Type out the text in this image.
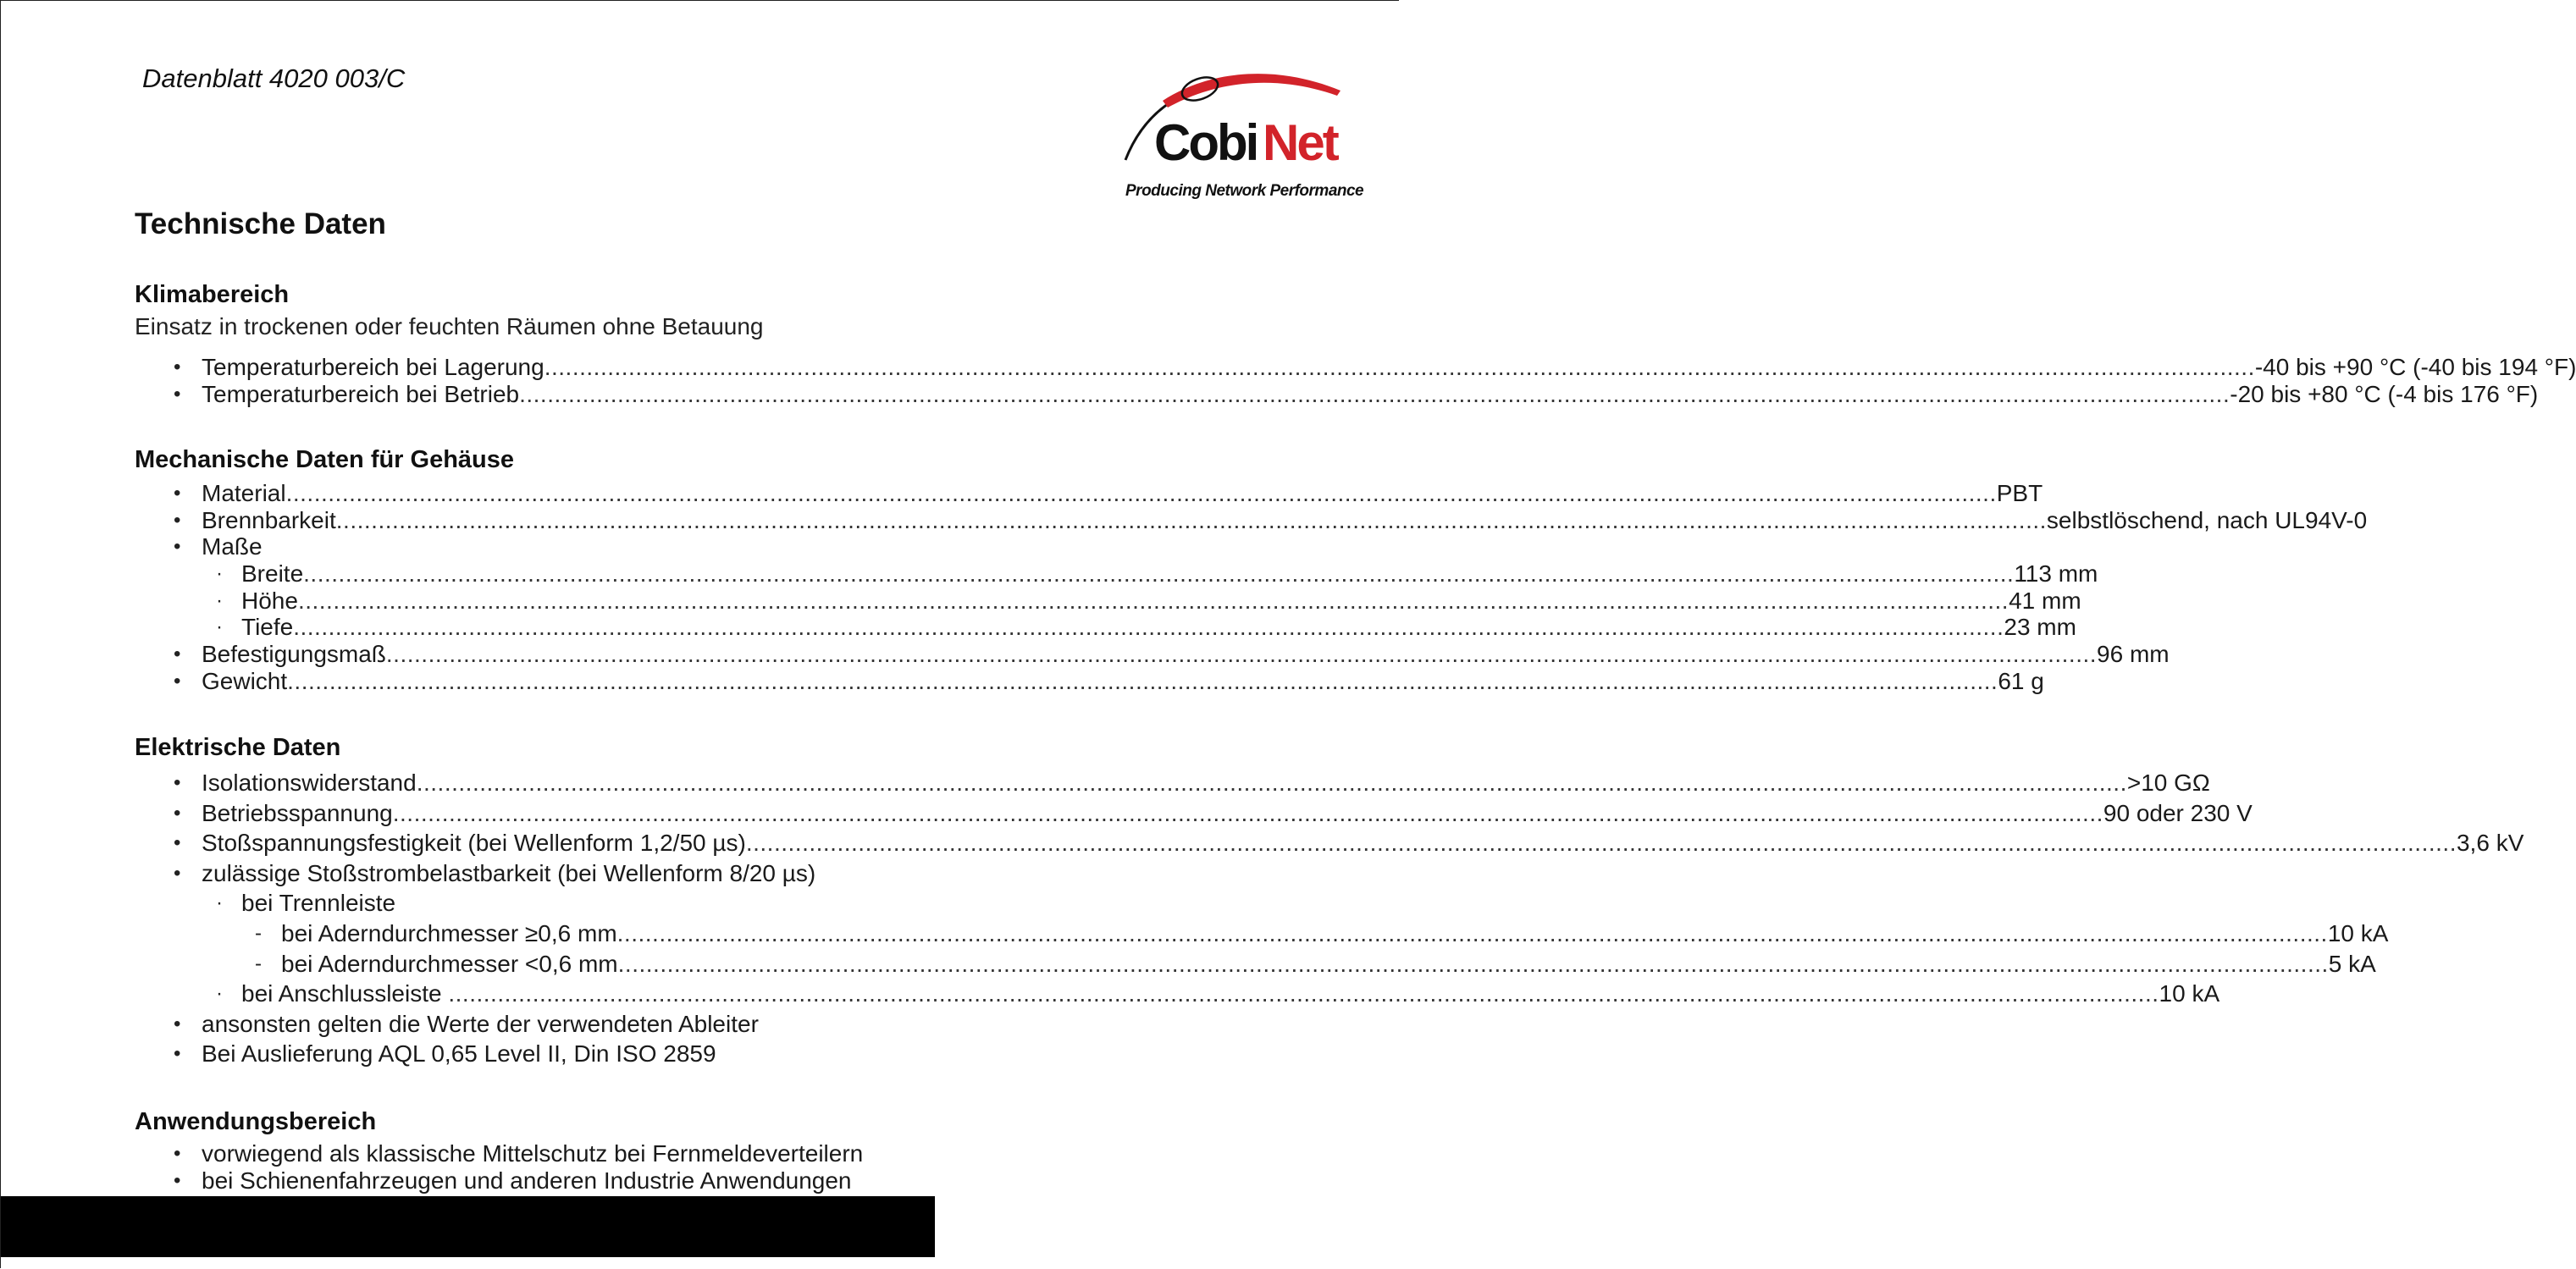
Datenblatt 4020 003/C
Cobi Net
Producing Network Performance
Technische Daten
Klimabereich
Einsatz in trockenen oder feuchten Räumen ohne Betauung
• Temperaturbereich bei Lagerung .................................................................................................................................................................................................................................................... -40 bis +90 °C (-40 bis 194 °F)
• Temperaturbereich bei Betrieb .................................................................................................................................................................................................................................................... -20 bis +80 °C (-4 bis 176 °F)
Mechanische Daten für Gehäuse
• Material .................................................................................................................................................................................................................................................... PBT
• Brennbarkeit .................................................................................................................................................................................................................................................... selbstlöschend, nach UL94V-0
• Maße
· Breite .................................................................................................................................................................................................................................................... 113 mm
· Höhe .................................................................................................................................................................................................................................................... 41 mm
· Tiefe .................................................................................................................................................................................................................................................... 23 mm
• Befestigungsmaß .................................................................................................................................................................................................................................................... 96 mm
• Gewicht .................................................................................................................................................................................................................................................... 61 g
Elektrische Daten
• Isolationswiderstand .................................................................................................................................................................................................................................................... >10 GΩ
• Betriebsspannung .................................................................................................................................................................................................................................................... 90 oder 230 V
• Stoßspannungsfestigkeit (bei Wellenform 1,2/50 µs) .................................................................................................................................................................................................................................................... 3,6 kV
• zulässige Stoßstrombelastbarkeit (bei Wellenform 8/20 µs)
· bei Trennleiste
- bei Aderndurchmesser ≥0,6 mm .................................................................................................................................................................................................................................................... 10 kA
- bei Aderndurchmesser <0,6 mm .................................................................................................................................................................................................................................................... 5 kA
· bei Anschlussleiste .................................................................................................................................................................................................................................................... 10 kA
• ansonsten gelten die Werte der verwendeten Ableiter
• Bei Auslieferung AQL 0,65 Level II, Din ISO 2859
Anwendungsbereich
• vorwiegend als klassische Mittelschutz bei Fernmeldeverteilern
• bei Schienenfahrzeugen und anderen Industrie Anwendungen
